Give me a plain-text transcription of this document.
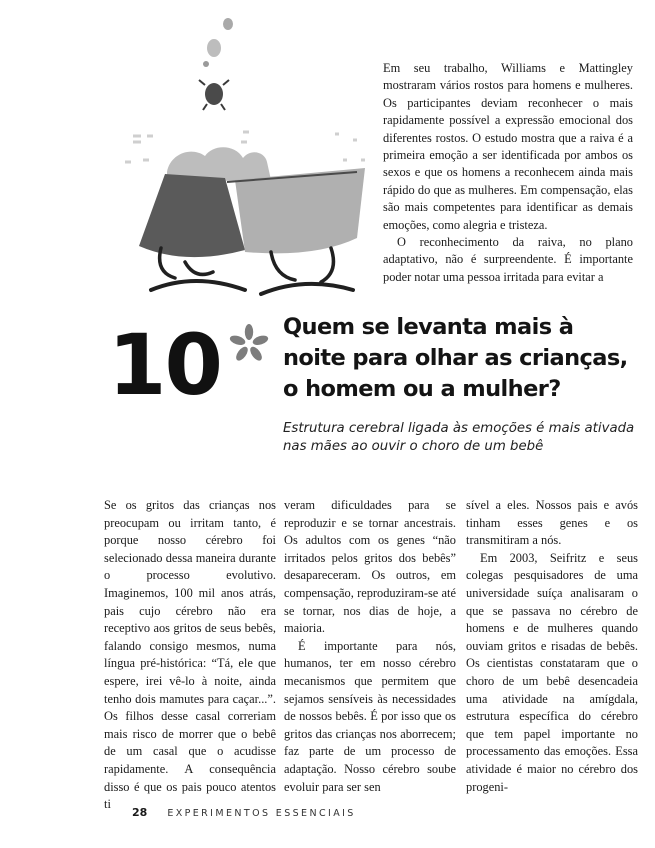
Em seu trabalho, Williams e Mattingley mostraram vários rostos para homens e mulheres. Os participantes deviam reconhecer o mais rapidamente possível a expressão emocional dos diferentes rostos. O estudo mostra que a raiva é a primeira emoção a ser identificada por ambos os sexos e que os homens a reconhecem ainda mais rápido do que as mulheres. Em compensação, elas são mais competentes para identificar as demais emoções, como alegria e tristeza.

O reconhecimento da raiva, no plano adaptativo, não é surpreendente. É importante poder notar uma pessoa irritada para evitar a

10	Quem se levanta mais à
noite para olhar as crianças,
o homem ou a mulher?
Estrutura cerebral ligada às emoções é mais ativada nas mães ao ouvir o choro de um bebê

Se os gritos das crianças nos preocupam ou irritam tanto, é porque nosso cérebro foi selecionado dessa maneira durante o processo evolutivo. Imaginemos, 100 mil anos atrás, pais cujo cérebro não era receptivo aos gritos de seus bebês, falando consigo mesmos, numa língua pré-histórica: “Tá, ele que espere, irei vê-lo à noite, ainda tenho dois mamutes para caçar...”. Os filhos desse casal correriam mais risco de morrer que o bebê de um casal que o acudisse rapidamente. A consequência disso é que os pais pouco atentos ti

veram dificuldades para se reproduzir e se tornar ancestrais. Os adultos com os genes “não irritados pelos gritos dos bebês” desapareceram. Os outros, em compensação, reproduziram-se até se tornar, nos dias de hoje, a maioria.

É importante para nós, humanos, ter em nosso cérebro mecanismos que permitem que sejamos sensíveis às necessidades de nossos bebês. É por isso que os gritos das crianças nos aborrecem; faz parte de um processo de adaptação. Nosso cérebro soube evoluir para ser sen

sível a eles. Nossos pais e avós tinham esses genes e os transmitiram a nós.

Em 2003, Seifritz e seus colegas pesquisadores de uma universidade suíça analisaram o que se passava no cérebro de homens e de mulheres quando ouviam gritos e risadas de bebês. Os cientistas constataram que o choro de um bebê desencadeia uma atividade na amígdala, estrutura específica do cérebro que tem papel importante no processamento das emoções. Essa atividade é maior no cérebro dos progeni-

28 EXPERIMENTOS ESSENCIAIS
